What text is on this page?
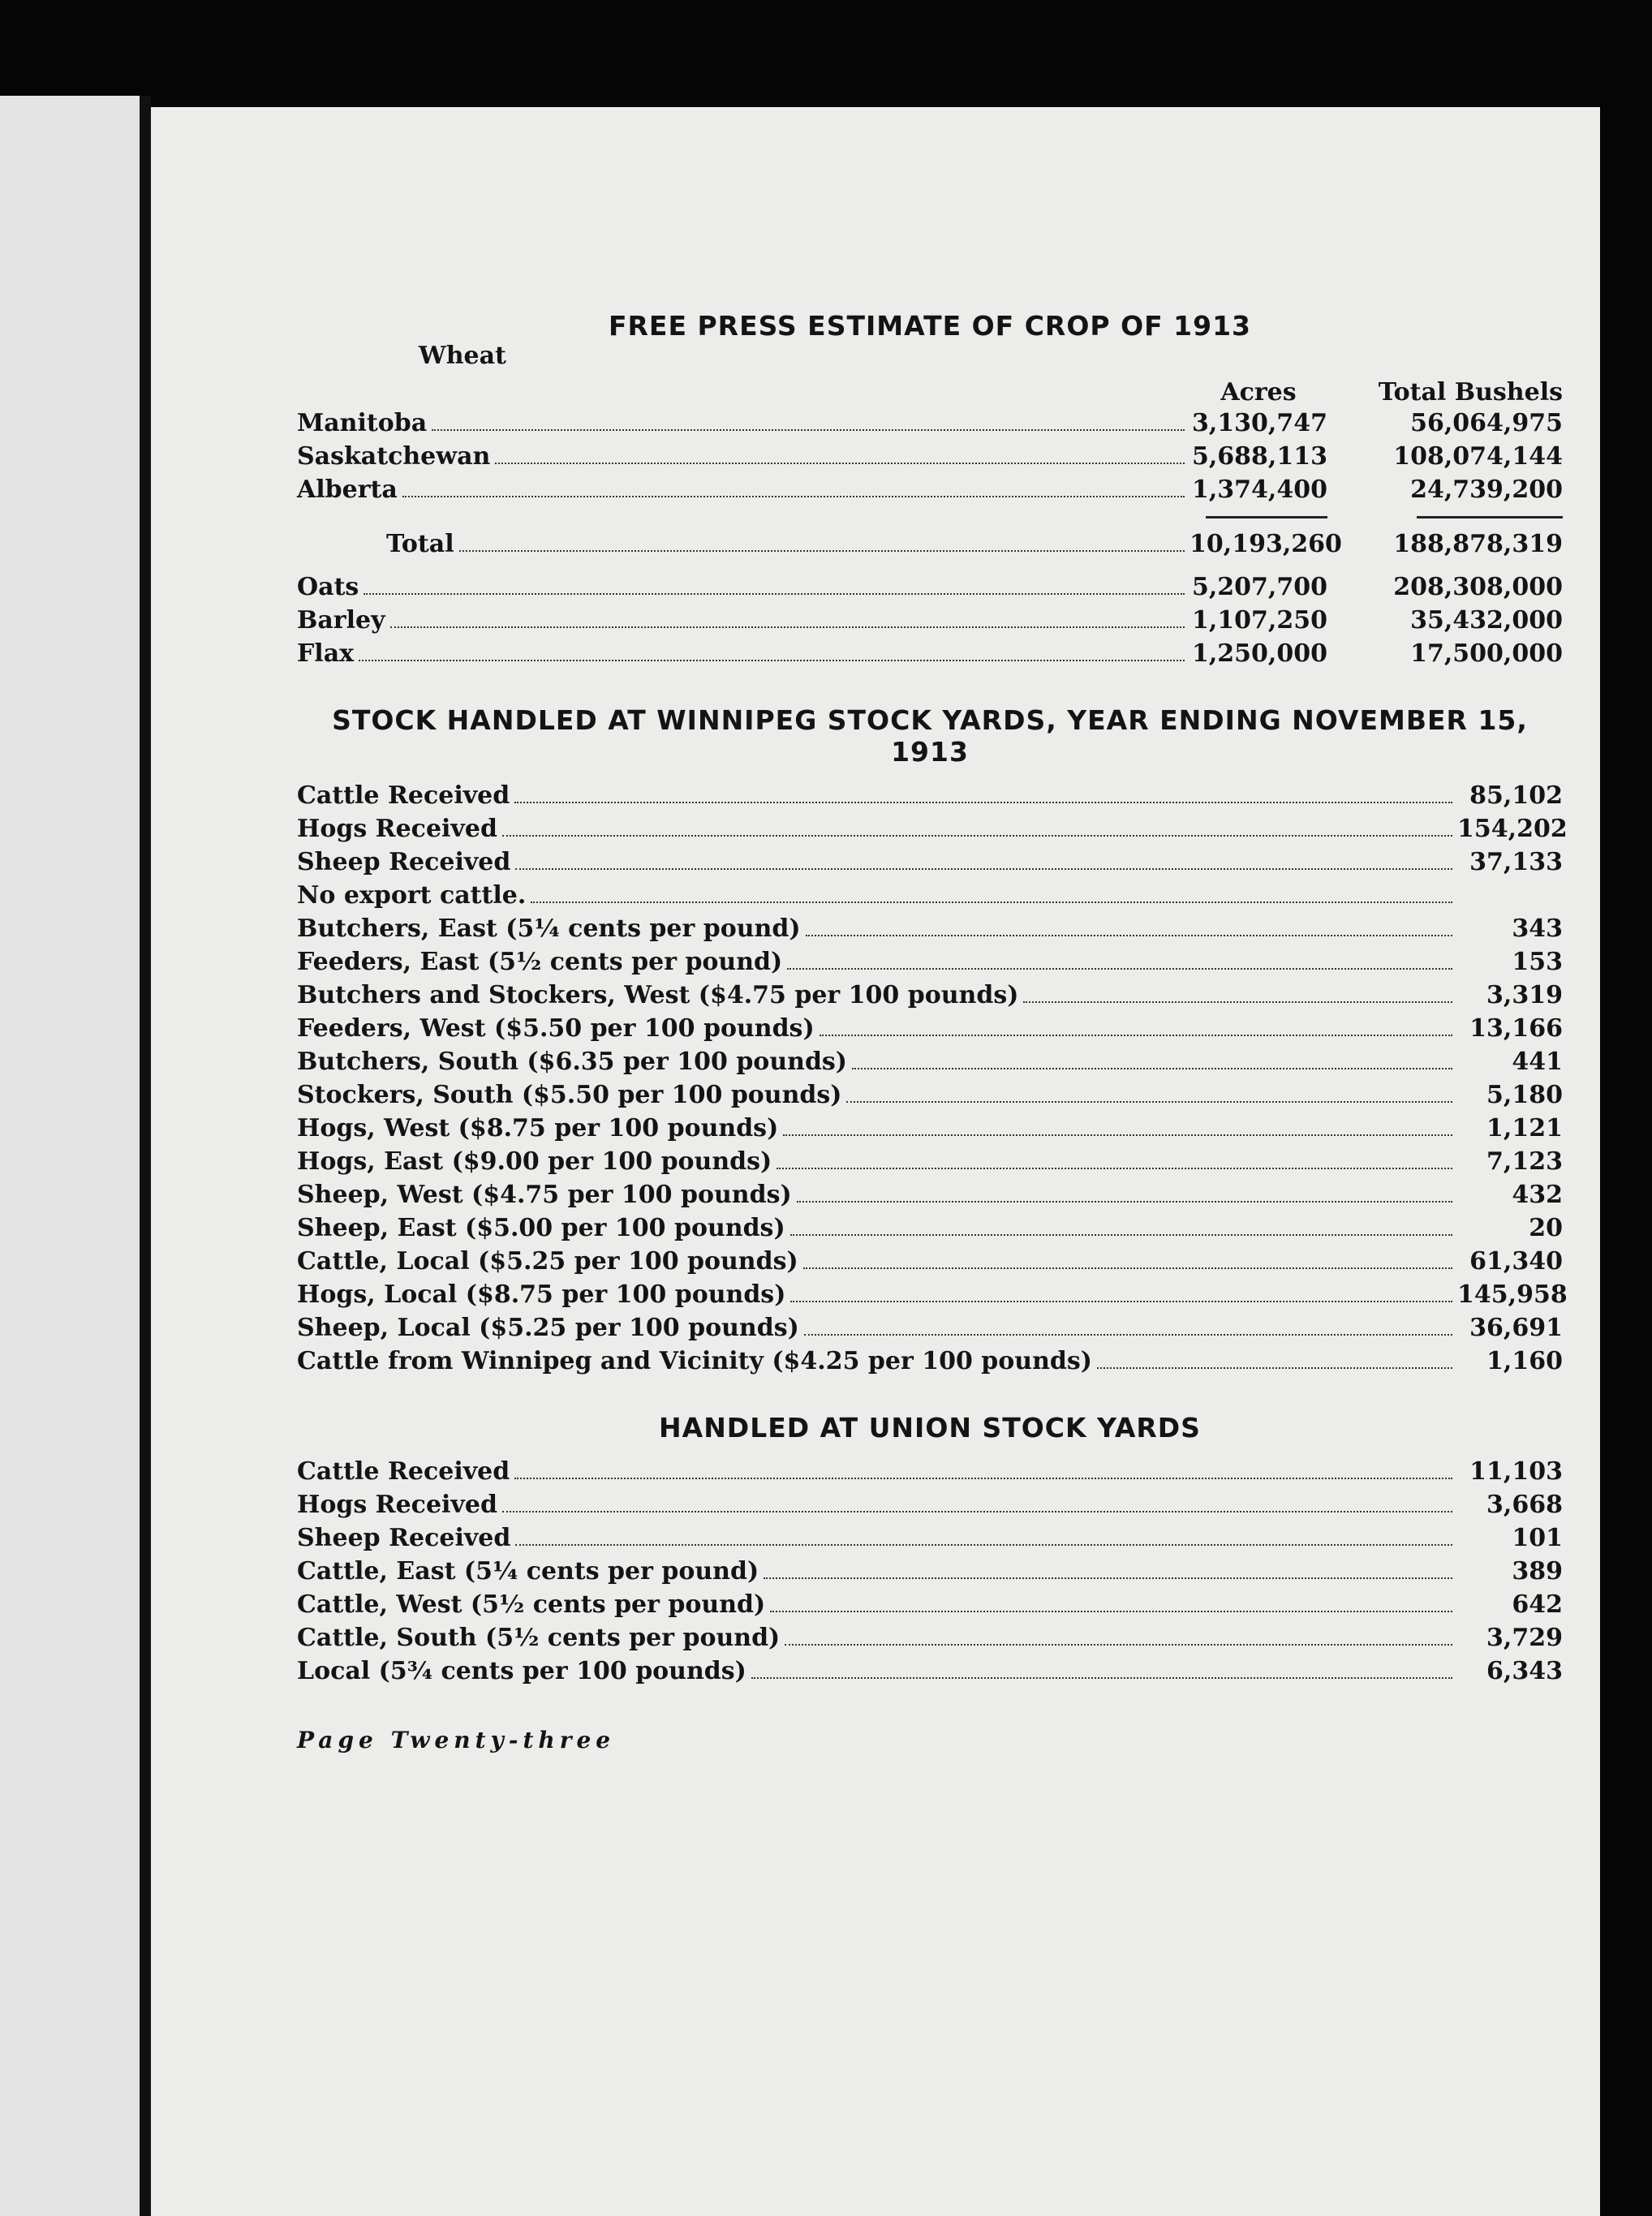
FREE PRESS ESTIMATE OF CROP OF 1913
Wheat
Acres	Total Bushels
Manitoba	3,130,747	56,064,975
Saskatchewan	5,688,113	108,074,144
Alberta	1,374,400	24,739,200
Total	10,193,260	188,878,319
Oats	5,207,700	208,308,000
Barley	1,107,250	35,432,000
Flax	1,250,000	17,500,000
STOCK HANDLED AT WINNIPEG STOCK YARDS, YEAR ENDING NOVEMBER 15, 1913
Cattle Received	85,102
Hogs Received	154,202
Sheep Received	37,133
No export cattle.
Butchers, East (5¼ cents per pound)	343
Feeders, East (5½ cents per pound)	153
Butchers and Stockers, West ($4.75 per 100 pounds)	3,319
Feeders, West ($5.50 per 100 pounds)	13,166
Butchers, South ($6.35 per 100 pounds)	441
Stockers, South ($5.50 per 100 pounds)	5,180
Hogs, West ($8.75 per 100 pounds)	1,121
Hogs, East ($9.00 per 100 pounds)	7,123
Sheep, West ($4.75 per 100 pounds)	432
Sheep, East ($5.00 per 100 pounds)	20
Cattle, Local ($5.25 per 100 pounds)	61,340
Hogs, Local ($8.75 per 100 pounds)	145,958
Sheep, Local ($5.25 per 100 pounds)	36,691
Cattle from Winnipeg and Vicinity ($4.25 per 100 pounds)	1,160
HANDLED AT UNION STOCK YARDS
Cattle Received	11,103
Hogs Received	3,668
Sheep Received	101
Cattle, East (5¼ cents per pound)	389
Cattle, West (5½ cents per pound)	642
Cattle, South (5½ cents per pound)	3,729
Local (5¾ cents per 100 pounds)	6,343
Page Twenty-three
